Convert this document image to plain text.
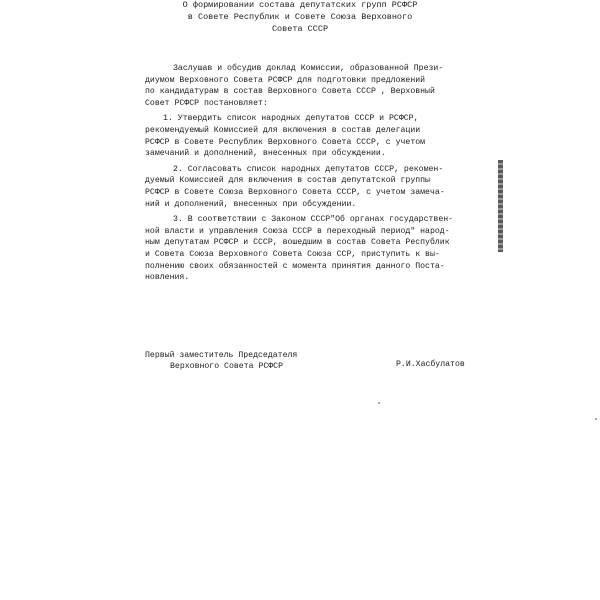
О формировании состава депутатских групп РСФСР
в Совете Республик и Совете Союза Верховного
Совета СССР
Заслушав и обсудив доклад Комиссии, образованной Прези-
диумом Верховного Совета РСФСР для подготовки предложений
по кандидатурам в состав Верховного Совета СССР , Верховный
Совет РСФСР постановляет:
1. Утвердить список народных депутатов СССР и РСФСР,
рекомендуемый Комиссией для включения в состав делегации
РСФСР в Совете Республик Верховного Совета СССР, с учетом
замечаний и дополнений, внесенных при обсуждении.
2. Согласовать список народных депутатов СССР, рекомен-
дуемый Комиссией для включения в состав депутатской группы
РСФСР в Совете Союза Верховного Совета СССР, с учетом замеча-
ний и дополнений, внесенных при обсуждении.
3. В соответствии с Законом СССР"Об органах государствен-
ной власти и управления Союза СССР в переходный период" народ-
ным депутатам РСФСР и СССР, вошедшим в состав Совета Республик
и Совета Союза Верховного Совета Союза ССР, приступить к вы-
полнению своих обязанностей с момента принятия данного Поста-
новления.
Первый заместитель Председателя
Верховного Совета РСФСР	Р.И.Хасбулатов
